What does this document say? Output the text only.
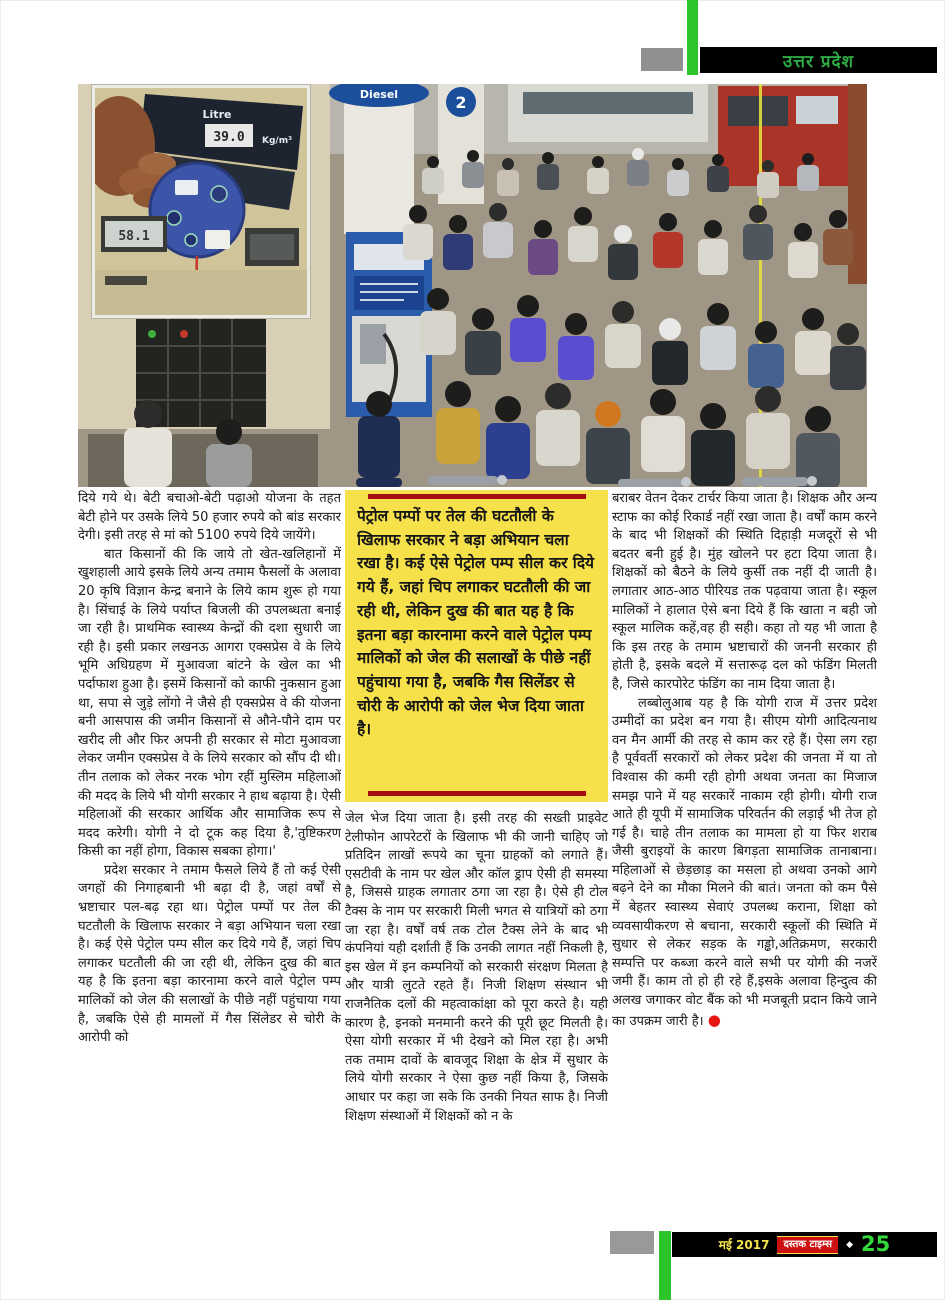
उत्तर प्रदेश
Diesel	2
Litre
39.0 Kg/m³
58.1

दिये गये थे। बेटी बचाओ-बेटी पढ़ाओ योजना के तहत बेटी होने पर उसके लिये 50 हजार रुपये को बांड सरकार देगी। इसी तरह से मां को 5100 रुपये दिये जायेंगे।

बात किसानों की कि जाये तो खेत-खलिहानों में खुशहाली आये इसके लिये अन्य तमाम फैसलों के अलावा 20 कृषि विज्ञान केन्द्र बनाने के लिये काम शुरू हो गया है। सिंचाई के लिये पर्याप्त बिजली की उपलब्धता बनाई जा रही है। प्राथमिक स्वास्थ्य केन्द्रों की दशा सुधारी जा रही है। इसी प्रकार लखनऊ आगरा एक्सप्रेस वे के लिये भूमि अधिग्रहण में मुआवजा बांटने के खेल का भी पर्दाफाश हुआ है। इसमें किसानों को काफी नुकसान हुआ था, सपा से जुड़े लोंगो ने जैसे ही एक्सप्रेस वे की योजना बनी आसपास की जमीन किसानों से औने-पौने दाम पर खरीद ली और फिर अपनी ही सरकार से मोटा मुआवजा लेकर जमीन एक्सप्रेस वे के लिये सरकार को सौंप दी थी। तीन तलाक को लेकर नरक भोग रहीं मुस्लिम महिलाओं की मदद के लिये भी योगी सरकार ने हाथ बढ़ाया है। ऐसी महिलाओं की सरकार आर्थिक और सामाजिक रूप से मदद करेगी। योगी ने दो टूक कह दिया है,'तुष्टिकरण किसी का नहीं होगा, विकास सबका होगा।'

प्रदेश सरकार ने तमाम फैसले लिये हैं तो कई ऐसी जगहों की निगाहबानी भी बढ़ा दी है, जहां वर्षों से भ्रष्टाचार पल-बढ़ रहा था। पेट्रोल पम्पों पर तेल की घटतौली के खिलाफ सरकार ने बड़ा अभियान चला रखा है। कई ऐसे पेट्रोल पम्प सील कर दिये गये हैं, जहां चिप लगाकर घटतौली की जा रही थी, लेकिन दुख की बात यह है कि इतना बड़ा कारनामा करने वाले पेट्रोल पम्प मालिकों को जेल की सलाखों के पीछे नहीं पहुंचाया गया है, जबकि ऐसे ही मामलों में गैस सिंलेडर से चोरी के आरोपी को

पेट्रोल पम्पों पर तेल की घटतौली के खिलाफ सरकार ने बड़ा अभियान चला रखा है। कई ऐसे पेट्रोल पम्प सील कर दिये गये हैं, जहां चिप लगाकर घटतौली की जा रही थी, लेकिन दुख की बात यह है कि इतना बड़ा कारनामा करने वाले पेट्रोल पम्प मालिकों को जेल की सलाखों के पीछे नहीं पहुंचाया गया है, जबकि गैस सिलेंडर से चोरी के आरोपी को जेल भेज दिया जाता है।

जेल भेज दिया जाता है। इसी तरह की सख्ती प्राइवेट टेलीफोन आपरेटरों के खिलाफ भी की जानी चाहिए जो प्रतिदिन लाखों रूपये का चूना ग्राहकों को लगाते हैं। एसटीवी के नाम पर खेल और कॉल ड्राप ऐसी ही समस्या है, जिससे ग्राहक लगातार ठगा जा रहा है। ऐसे ही टोल टैक्स के नाम पर सरकारी मिली भगत से यात्रियों को ठगा जा रहा है। वर्षों वर्ष तक टोल टैक्स लेने के बाद भी कंपनियां यही दर्शाती हैं कि उनकी लागत नहीं निकली है, इस खेल में इन कम्पनियों को सरकारी संरक्षण मिलता है और यात्री लुटते रहते हैं। निजी शिक्षण संस्थान भी राजनैतिक दलों की महत्वाकांक्षा को पूरा करते है। यही कारण है, इनको मनमानी करने की पूरी छूट मिलती है। ऐसा योगी सरकार में भी देखने को मिल रहा है। अभी तक तमाम दावों के बावजूद शिक्षा के क्षेत्र में सुधार के लिये योगी सरकार ने ऐसा कुछ नहीं किया है, जिसके आधार पर कहा जा सके कि उनकी नियत साफ है। निजी शिक्षण संस्थाओं में शिक्षकों को न के

बराबर वेतन देकर टार्चर किया जाता है। शिक्षक और अन्य स्टाफ का कोई रिकार्ड नहीं रखा जाता है। वर्षों काम करने के बाद भी शिक्षकों की स्थिति दिहाड़ी मजदूरों से भी बदतर बनी हुई है। मुंह खोलने पर हटा दिया जाता है। शिक्षकों को बैठने के लिये कुर्सी तक नहीं दी जाती है। लगातार आठ-आठ पीरियड तक पढ़वाया जाता है। स्कूल मालिकों ने हालात ऐसे बना दिये हैं कि खाता न बही जो स्कूल मालिक कहें,वह ही सही। कहा तो यह भी जाता है कि इस तरह के तमाम भ्रष्टाचारों की जननी सरकार ही होती है, इसके बदले में सत्तारूढ़ दल को फंडिंग मिलती है, जिसे कारपोरेट फंडिंग का नाम दिया जाता है।

लब्बोलुआब यह है कि योगी राज में उत्तर प्रदेश उम्मीदों का प्रदेश बन गया है। सीएम योगी आदित्यनाथ वन मैन आर्मी की तरह से काम कर रहे हैं। ऐसा लग रहा है पूर्ववर्ती सरकारों को लेकर प्रदेश की जनता में या तो विश्वास की कमी रही होगी अथवा जनता का मिजाज समझ पाने में यह सरकारें नाकाम रही होगी। योगी राज आते ही यूपी में सामाजिक परिवर्तन की लड़ाई भी तेज हो गई है। चाहे तीन तलाक का मामला हो या फिर शराब जैसी बुराइयों के कारण बिगड़ता सामाजिक तानाबाना। महिलाओं से छेड़छाड़ का मसला हो अथवा उनको आगे बढ़ने देने का मौका मिलने की बातं। जनता को कम पैसे में बेहतर स्वास्थ्य सेवाएं उपलब्ध कराना, शिक्षा को व्यवसायीकरण से बचाना, सरकारी स्कूलों की स्थिति में सुधार से लेकर सड़क के गड्ढो,अतिक्रमण, सरकारी सम्पत्ति पर कब्जा करने वाले सभी पर योगी की नजरें जमी हैं। काम तो हो ही रहे हैं,इसके अलावा हिन्दुत्व की अलख जगाकर वोट बैंक को भी मजबूती प्रदान किये जाने का उपक्रम जारी है। ●

मई 2017	दस्तक टाइम्स	◆ 25
